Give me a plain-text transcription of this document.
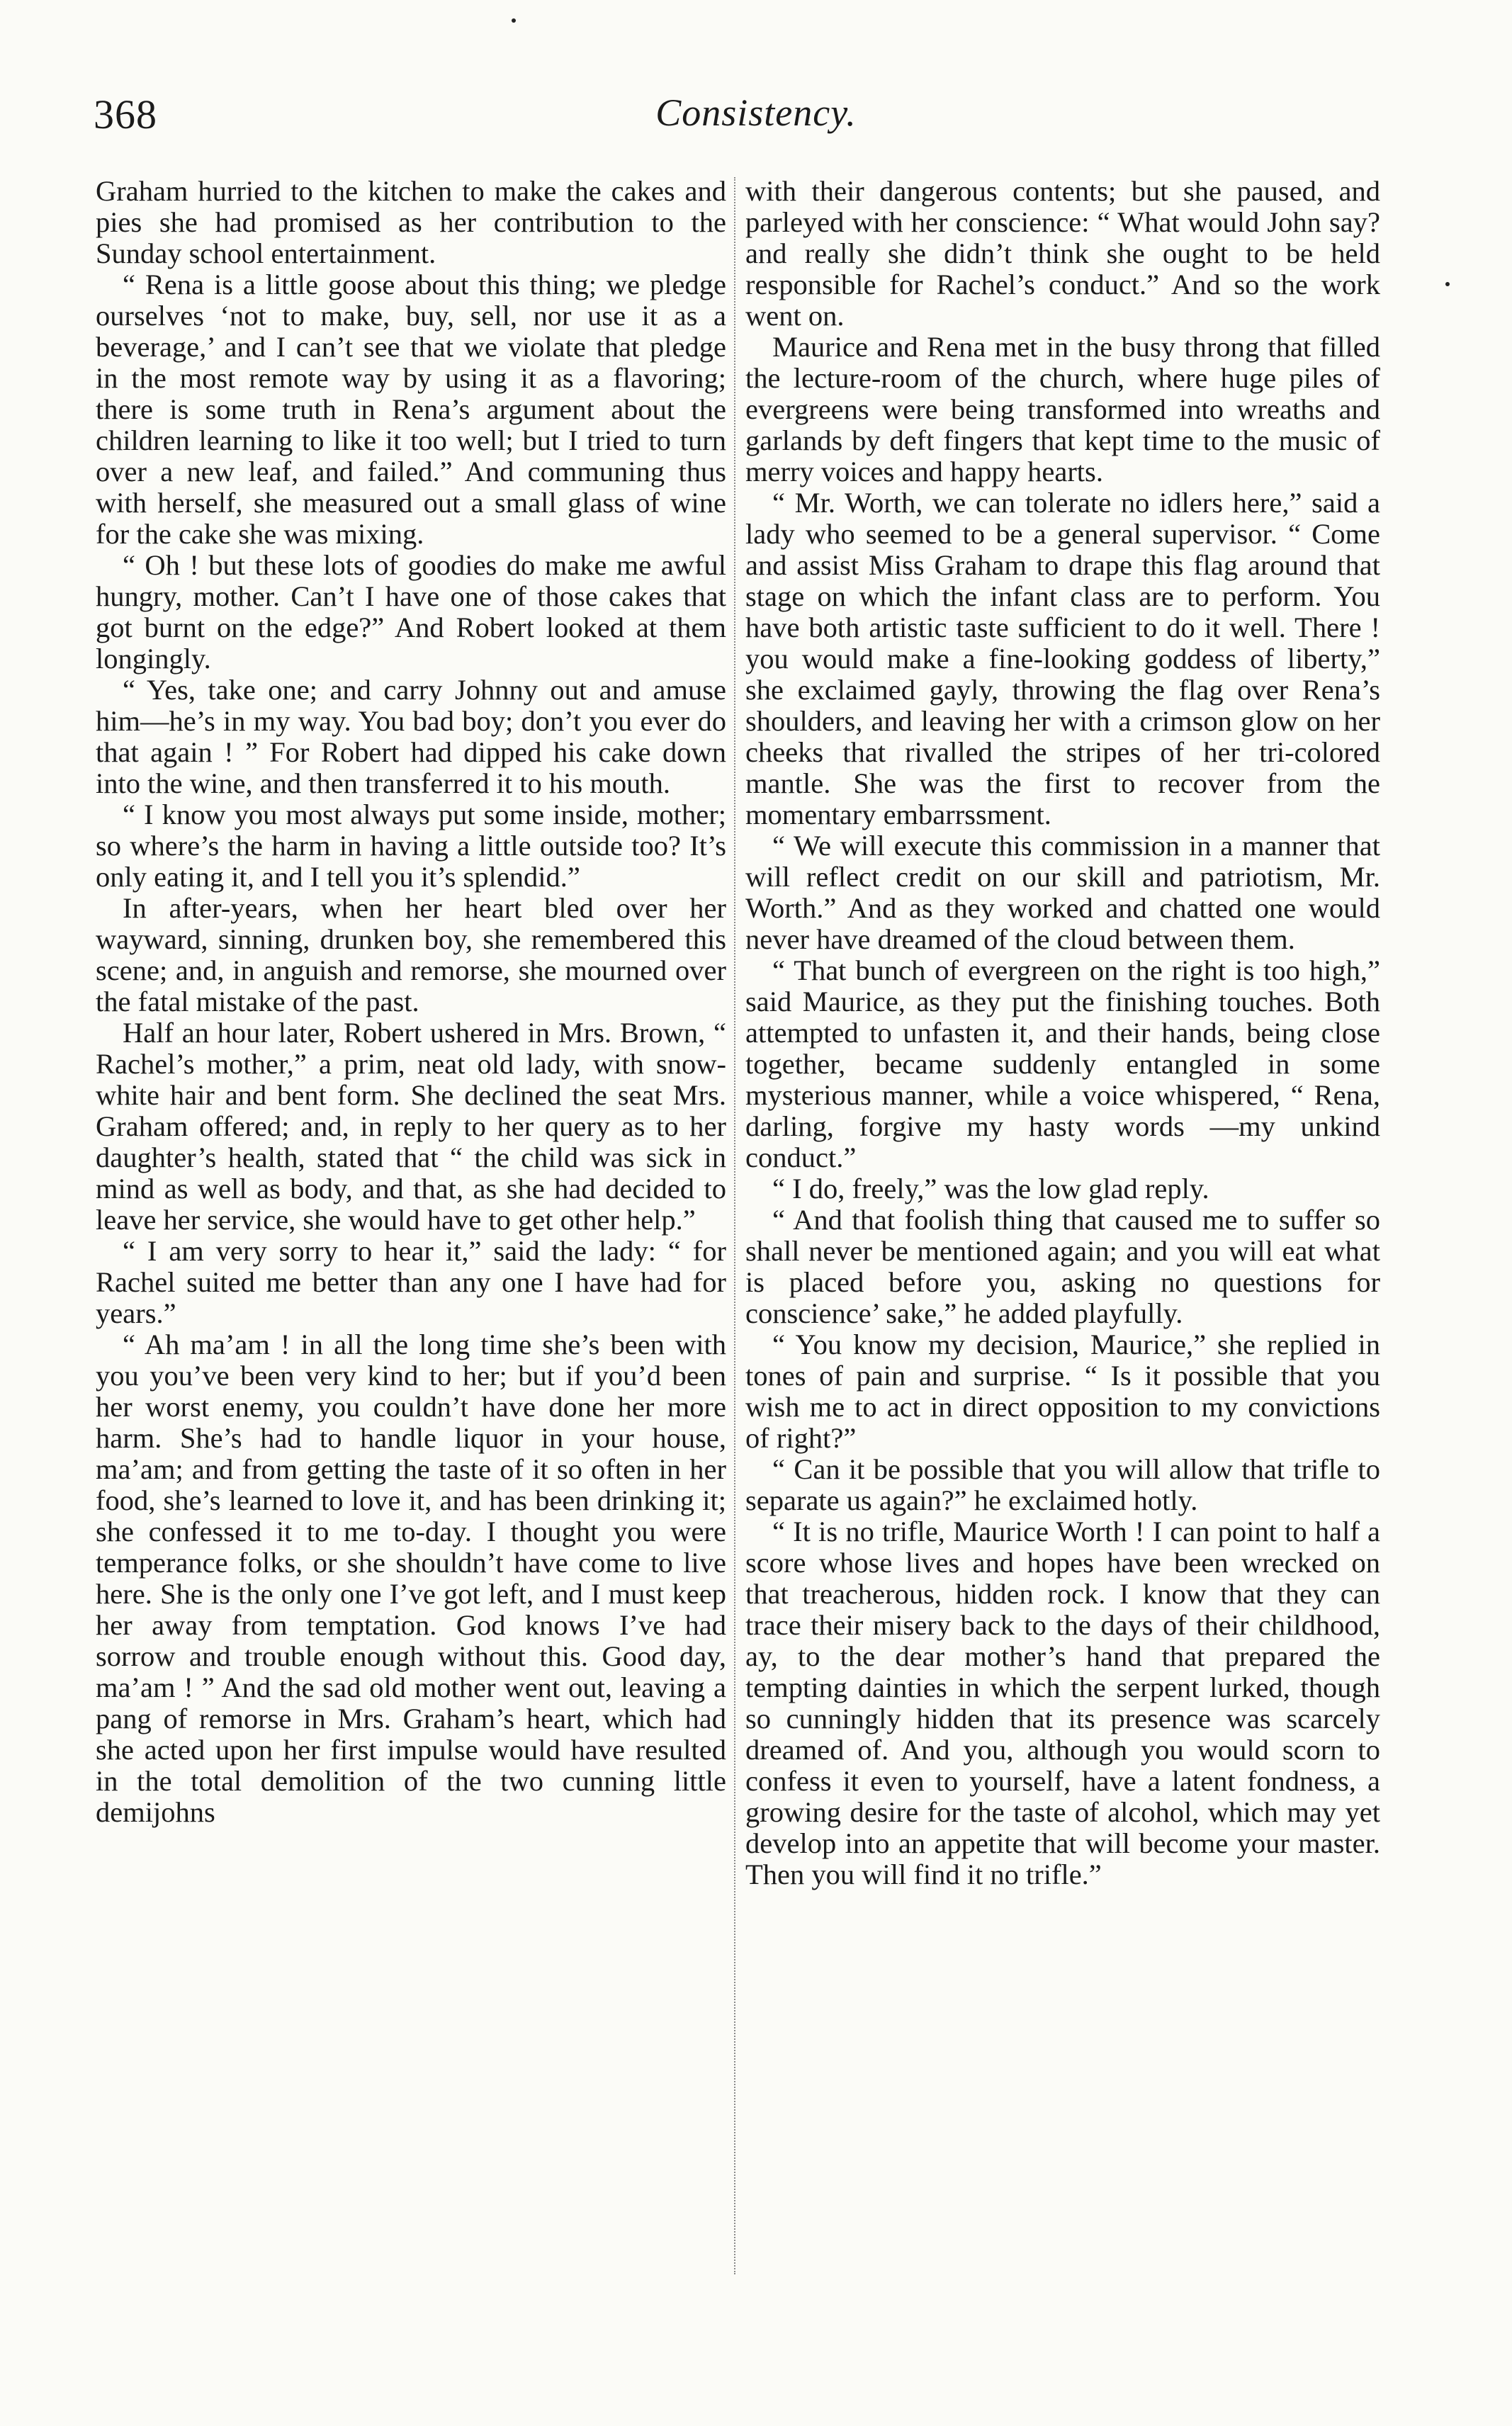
368	Consistency.

Graham hurried to the kitchen to make the cakes and pies she had promised as her contribution to the Sunday school entertainment.

“ Rena is a little goose about this thing; we pledge ourselves ‘not to make, buy, sell, nor use it as a beverage,’ and I can’t see that we violate that pledge in the most remote way by using it as a flavoring; there is some truth in Rena’s argument about the children learning to like it too well; but I tried to turn over a new leaf, and failed.” And communing thus with herself, she measured out a small glass of wine for the cake she was mixing.

“ Oh ! but these lots of goodies do make me awful hungry, mother. Can’t I have one of those cakes that got burnt on the edge?” And Robert looked at them longingly.

“ Yes, take one; and carry Johnny out and amuse him—he’s in my way. You bad boy; don’t you ever do that again ! ” For Robert had dipped his cake down into the wine, and then transferred it to his mouth.

“ I know you most always put some inside, mother; so where’s the harm in having a little outside too? It’s only eating it, and I tell you it’s splendid.”

In after-years, when her heart bled over her wayward, sinning, drunken boy, she remembered this scene; and, in anguish and remorse, she mourned over the fatal mistake of the past.

Half an hour later, Robert ushered in Mrs. Brown, “ Rachel’s mother,” a prim, neat old lady, with snow-white hair and bent form. She declined the seat Mrs. Graham offered; and, in reply to her query as to her daughter’s health, stated that “ the child was sick in mind as well as body, and that, as she had decided to leave her service, she would have to get other help.”

“ I am very sorry to hear it,” said the lady: “ for Rachel suited me better than any one I have had for years.”

“ Ah ma’am ! in all the long time she’s been with you you’ve been very kind to her; but if you’d been her worst enemy, you couldn’t have done her more harm. She’s had to handle liquor in your house, ma’am; and from getting the taste of it so often in her food, she’s learned to love it, and has been drinking it; she confessed it to me to-day. I thought you were temperance folks, or she shouldn’t have come to live here. She is the only one I’ve got left, and I must keep her away from temptation. God knows I’ve had sorrow and trouble enough without this. Good day, ma’am ! ” And the sad old mother went out, leaving a pang of remorse in Mrs. Graham’s heart, which had she acted upon her first impulse would have resulted in the total demolition of the two cunning little demijohns

with their dangerous contents; but she paused, and parleyed with her conscience: “ What would John say? and really she didn’t think she ought to be held responsible for Rachel’s conduct.” And so the work went on.

Maurice and Rena met in the busy throng that filled the lecture-room of the church, where huge piles of evergreens were being transformed into wreaths and garlands by deft fingers that kept time to the music of merry voices and happy hearts.

“ Mr. Worth, we can tolerate no idlers here,” said a lady who seemed to be a general supervisor. “ Come and assist Miss Graham to drape this flag around that stage on which the infant class are to perform. You have both artistic taste sufficient to do it well. There ! you would make a fine-looking goddess of liberty,” she exclaimed gayly, throwing the flag over Rena’s shoulders, and leaving her with a crimson glow on her cheeks that rivalled the stripes of her tri-colored mantle. She was the first to recover from the momentary embarrssment.

“ We will execute this commission in a manner that will reflect credit on our skill and patriotism, Mr. Worth.” And as they worked and chatted one would never have dreamed of the cloud between them.

“ That bunch of evergreen on the right is too high,” said Maurice, as they put the finishing touches. Both attempted to unfasten it, and their hands, being close together, became suddenly entangled in some mysterious manner, while a voice whispered, “ Rena, darling, forgive my hasty words —my unkind conduct.”

“ I do, freely,” was the low glad reply.

“ And that foolish thing that caused me to suffer so shall never be mentioned again; and you will eat what is placed before you, asking no questions for conscience’ sake,” he added playfully.

“ You know my decision, Maurice,” she replied in tones of pain and surprise. “ Is it possible that you wish me to act in direct opposition to my convictions of right?”

“ Can it be possible that you will allow that trifle to separate us again?” he exclaimed hotly.

“ It is no trifle, Maurice Worth ! I can point to half a score whose lives and hopes have been wrecked on that treacherous, hidden rock. I know that they can trace their misery back to the days of their childhood, ay, to the dear mother’s hand that prepared the tempting dainties in which the serpent lurked, though so cunningly hidden that its presence was scarcely dreamed of. And you, although you would scorn to confess it even to yourself, have a latent fondness, a growing desire for the taste of alcohol, which may yet develop into an appetite that will become your master. Then you will find it no trifle.”
